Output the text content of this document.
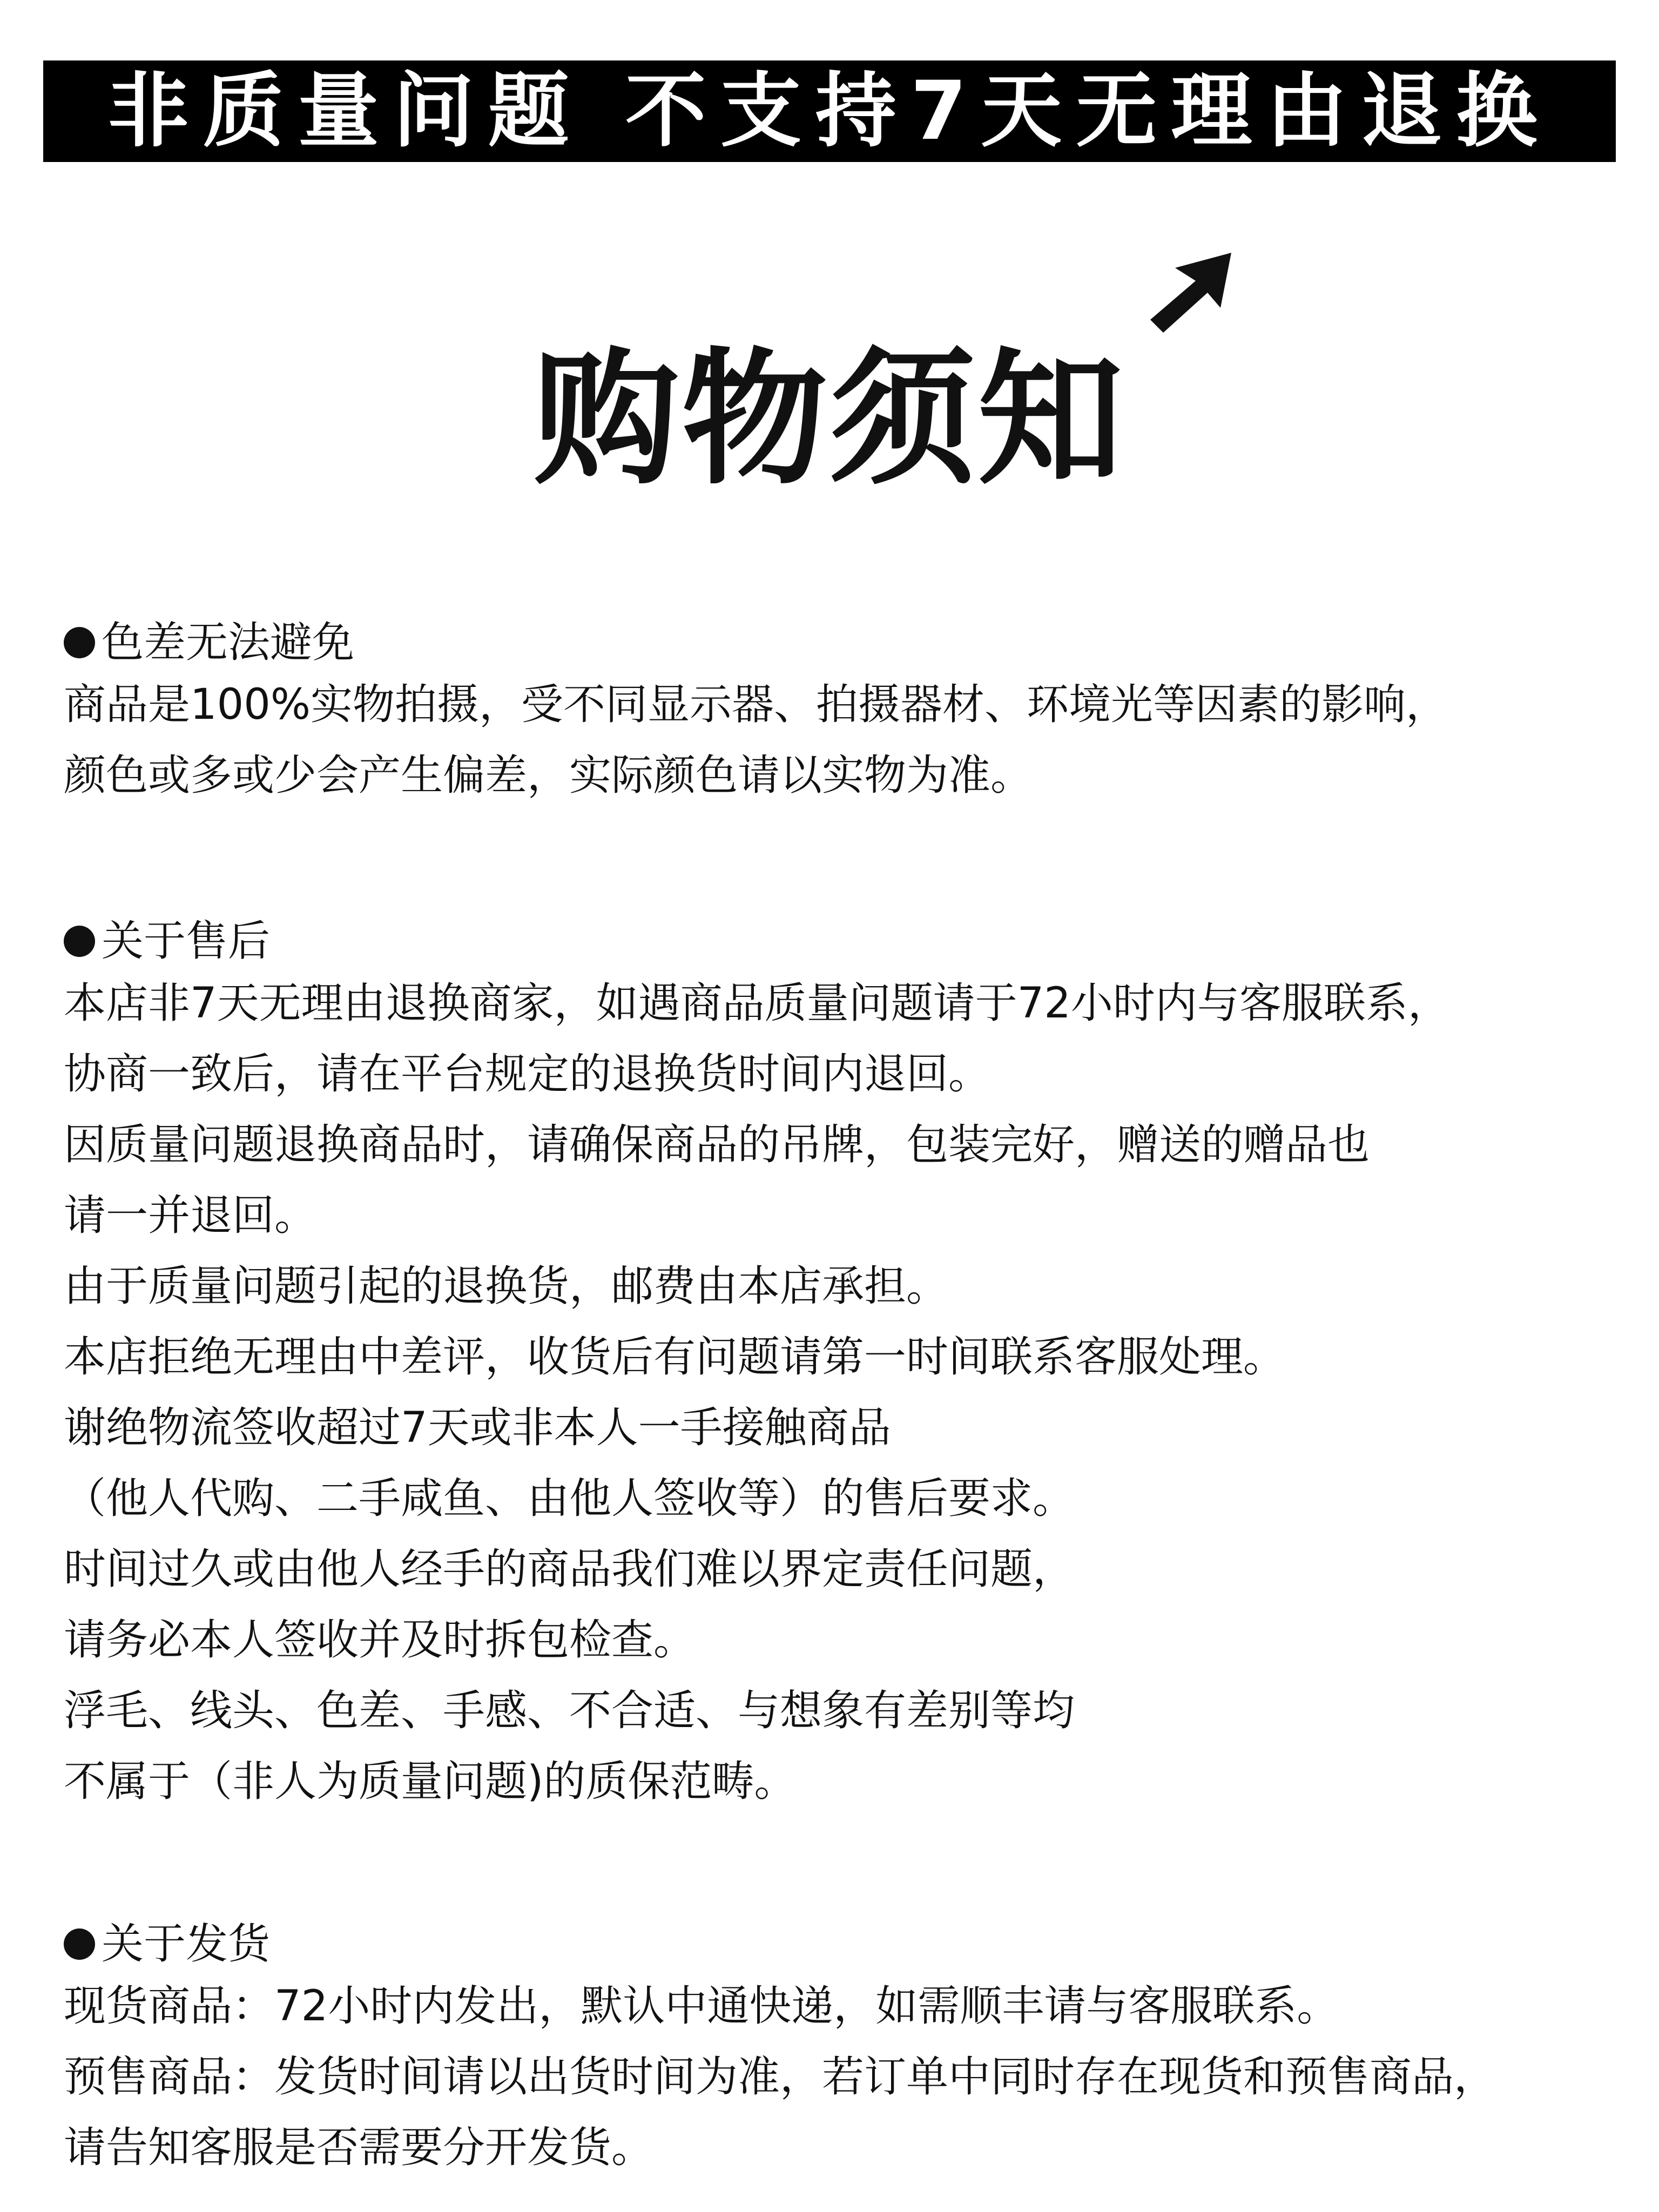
非质量问题 不支持7天无理由退换
购物须知
色差无法避免
商品是100%实物拍摄，受不同显示器、拍摄器材、环境光等因素的影响，
颜色或多或少会产生偏差，实际颜色请以实物为准。
关于售后
本店非7天无理由退换商家，如遇商品质量问题请于72小时内与客服联系，
协商一致后，请在平台规定的退换货时间内退回。
因质量问题退换商品时，请确保商品的吊牌，包装完好，赠送的赠品也
请一并退回。
由于质量问题引起的退换货，邮费由本店承担。
本店拒绝无理由中差评，收货后有问题请第一时间联系客服处理。
谢绝物流签收超过7天或非本人一手接触商品
（他人代购、二手咸鱼、由他人签收等）的售后要求。
时间过久或由他人经手的商品我们难以界定责任问题，
请务必本人签收并及时拆包检查。
浮毛、线头、色差、手感、不合适、与想象有差别等均
不属于（非人为质量问题)的质保范畴。
关于发货
现货商品：72小时内发出，默认中通快递，如需顺丰请与客服联系。
预售商品：发货时间请以出货时间为准，若订单中同时存在现货和预售商品，
请告知客服是否需要分开发货。
